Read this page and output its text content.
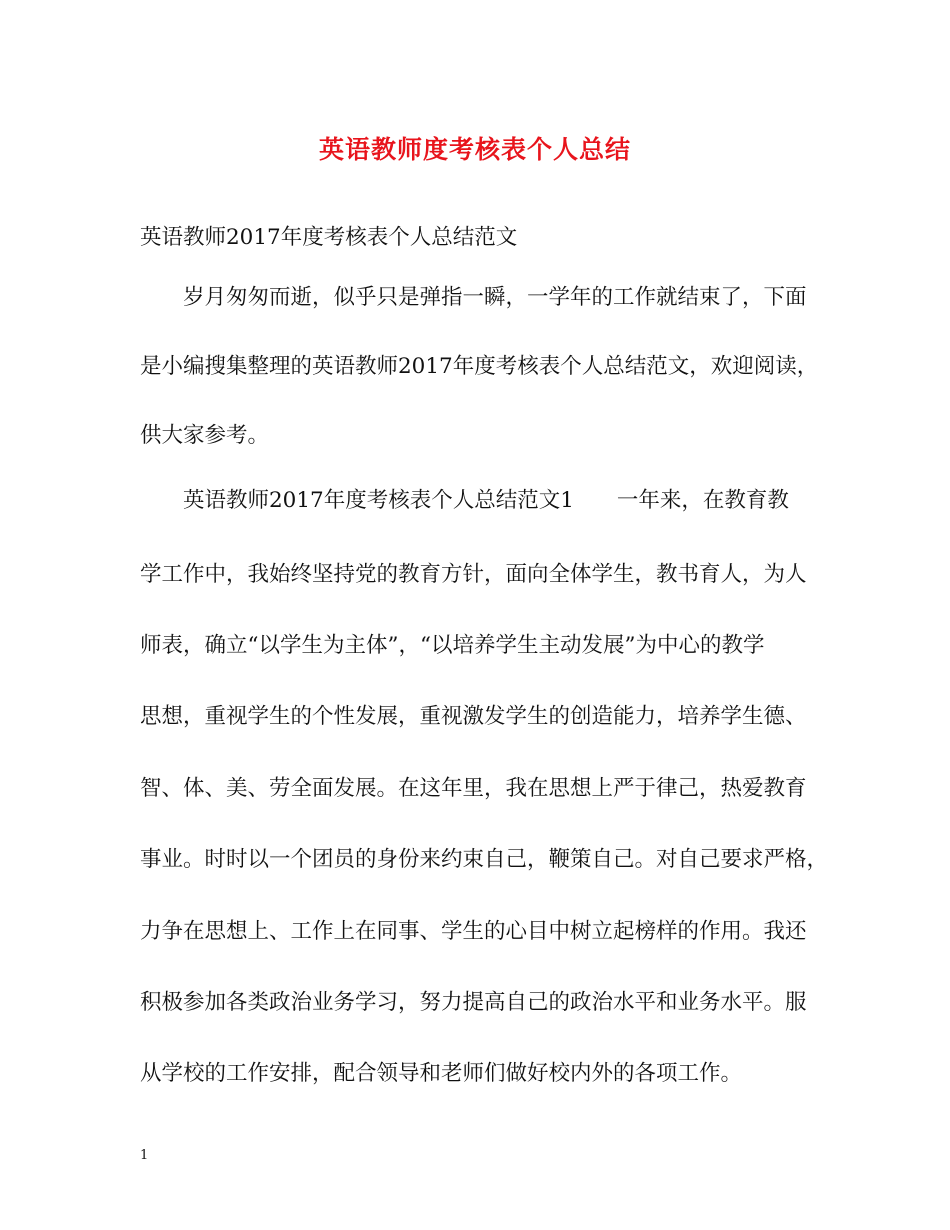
英语教师度考核表个人总结
英语教师2017年度考核表个人总结范文
　　岁月匆匆而逝，似乎只是弹指一瞬，一学年的工作就结束了，下面
是小编搜集整理的英语教师2017年度考核表个人总结范文，欢迎阅读，
供大家参考。
　　英语教师2017年度考核表个人总结范文1　　一年来，在教育教
学工作中，我始终坚持党的教育方针，面向全体学生，教书育人，为人
师表，确立“以学生为主体”，“以培养学生主动发展”为中心的教学
思想，重视学生的个性发展，重视激发学生的创造能力，培养学生德、
智、体、美、劳全面发展。在这年里，我在思想上严于律己，热爱教育
事业。时时以一个团员的身份来约束自己，鞭策自己。对自己要求严格，
力争在思想上、工作上在同事、学生的心目中树立起榜样的作用。我还
积极参加各类政治业务学习，努力提高自己的政治水平和业务水平。服
从学校的工作安排，配合领导和老师们做好校内外的各项工作。
1
